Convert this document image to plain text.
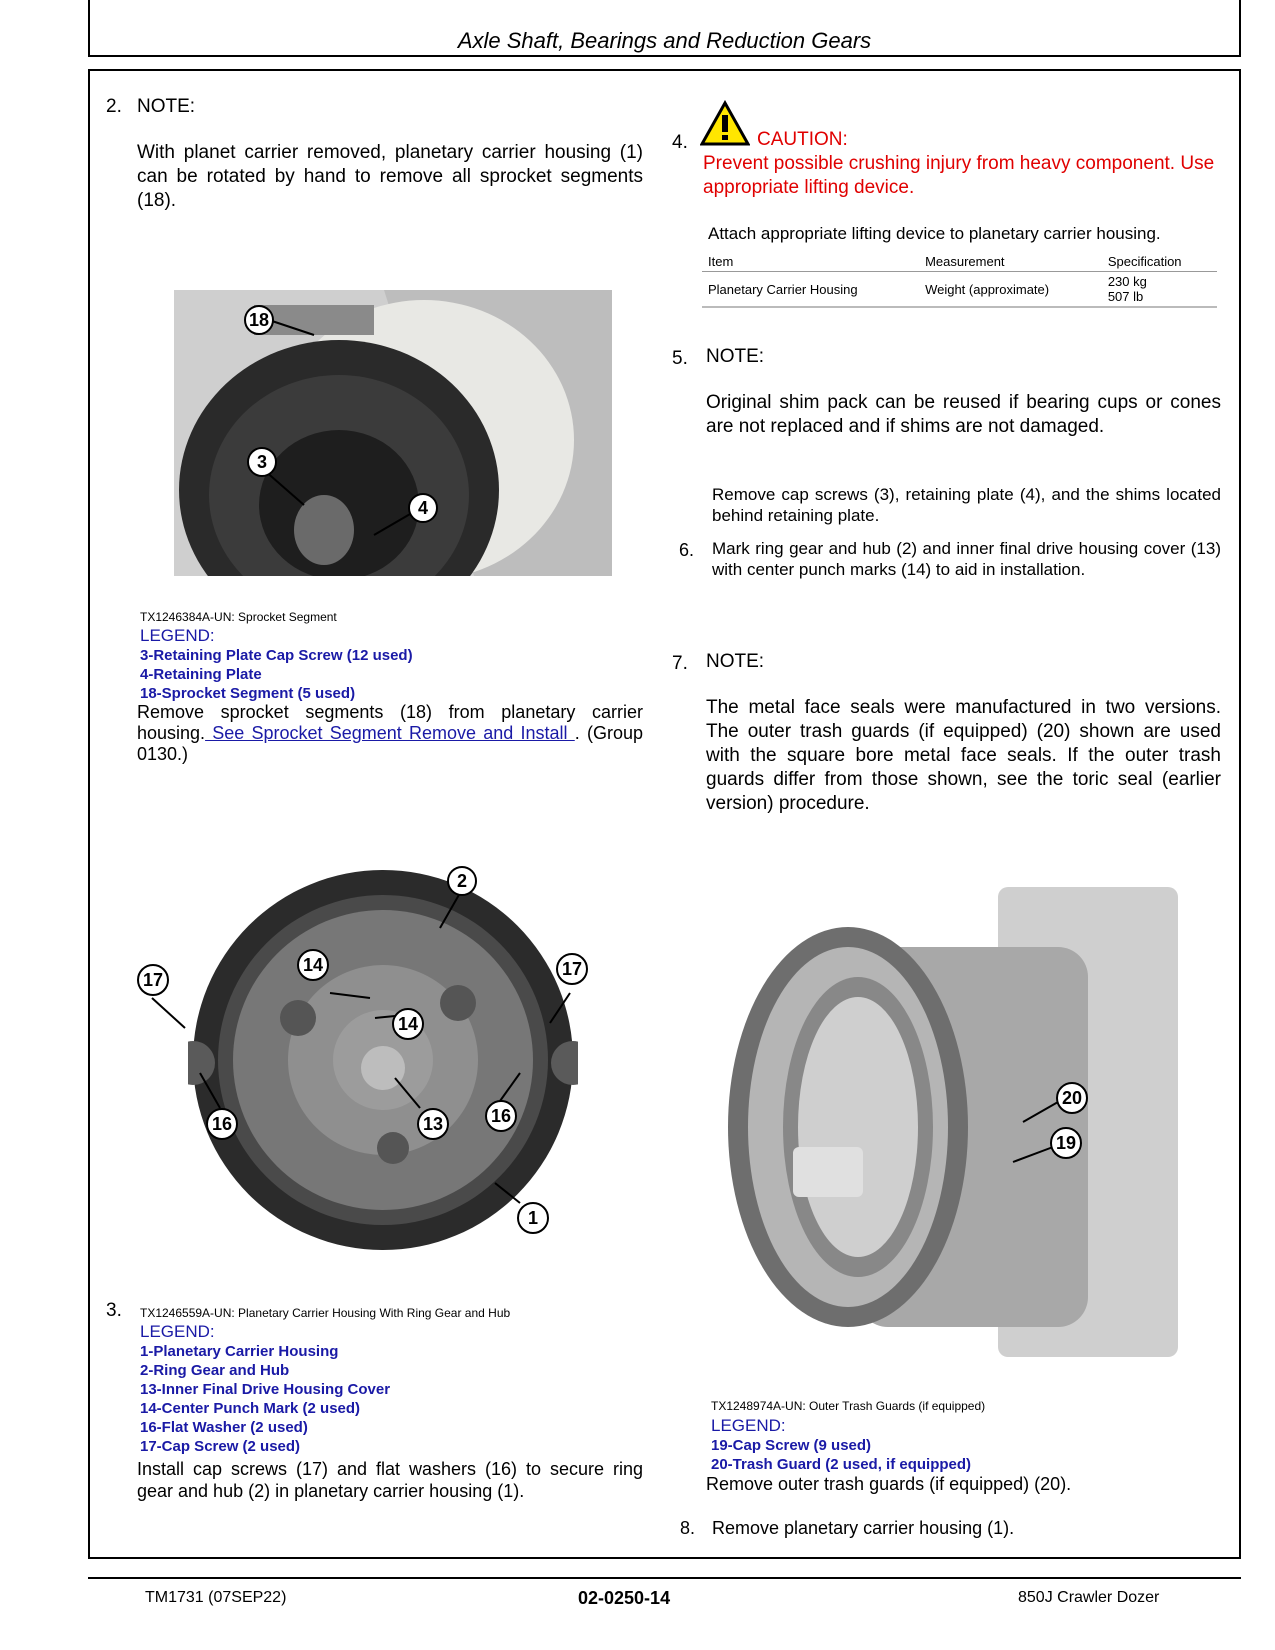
Axle Shaft, Bearings and Reduction Gears
2. NOTE:
With planet carrier removed, planetary carrier housing (1) can be rotated by hand to remove all sprocket segments (18).
18
3
4
TX1246384A-UN: Sprocket Segment
LEGEND:
3-Retaining Plate Cap Screw (12 used)
4-Retaining Plate
18-Sprocket Segment (5 used)
Remove sprocket segments (18) from planetary carrier housing. See Sprocket Segment Remove and Install . (Group 0130.)
2
17
14
14
17
16	13	16
1
3. TX1246559A-UN: Planetary Carrier Housing With Ring Gear and Hub
LEGEND:
1-Planetary Carrier Housing
2-Ring Gear and Hub
13-Inner Final Drive Housing Cover
14-Center Punch Mark (2 used)
16-Flat Washer (2 used)
17-Cap Screw (2 used)
Install cap screws (17) and flat washers (16) to secure ring gear and hub (2) in planetary carrier housing (1).
4.	CAUTION:
Prevent possible crushing injury from heavy component. Use appropriate lifting device.
Attach appropriate lifting device to planetary carrier housing.
Item	Measurement	Specification
Planetary Carrier Housing	Weight (approximate)	230 kg
507 lb
5. NOTE:
Original shim pack can be reused if bearing cups or cones are not replaced and if shims are not damaged.
Remove cap screws (3), retaining plate (4), and the shims located behind retaining plate.
6. Mark ring gear and hub (2) and inner final drive housing cover (13) with center punch marks (14) to aid in installation.
7. NOTE:
The metal face seals were manufactured in two versions. The outer trash guards (if equipped) (20) shown are used with the square bore metal face seals. If the outer trash guards differ from those shown, see the toric seal (earlier version) procedure.
20
19
TX1248974A-UN: Outer Trash Guards (if equipped)
LEGEND:
19-Cap Screw (9 used)
20-Trash Guard (2 used, if equipped)
Remove outer trash guards (if equipped) (20).
8. Remove planetary carrier housing (1).
TM1731 (07SEP22)	02-0250-14	850J Crawler Dozer
